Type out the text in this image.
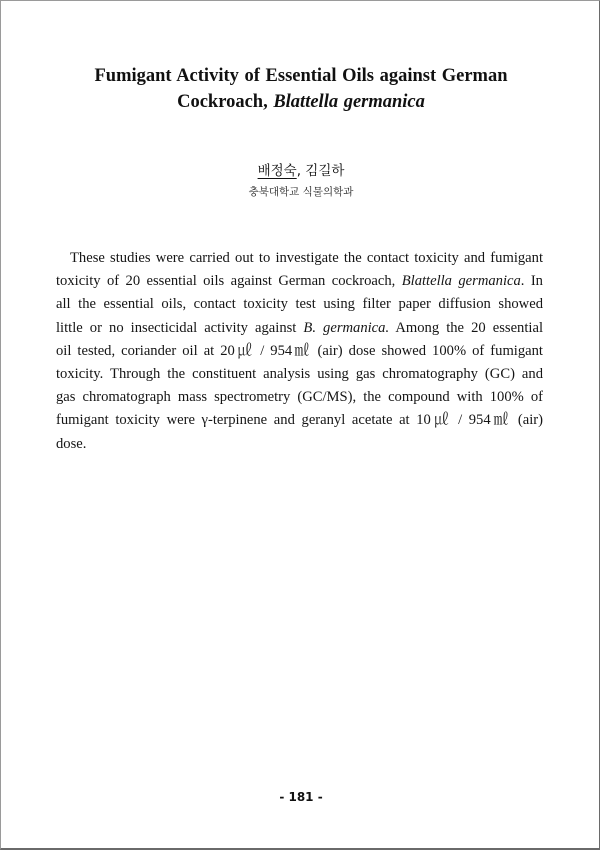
Fumigant Activity of Essential Oils against German
Cockroach, Blattella germanica
배정숙, 김길하
충북대학교 식물의학과
These studies were carried out to investigate the contact toxicity and fumigant
toxicity of 20 essential oils against German cockroach, Blattella germanica. In
all the essential oils, contact toxicity test using filter paper diffusion showed
little or no insecticidal activity against B. germanica. Among the 20 essential
oil tested, coriander oil at 20㎕ / 954㎖ (air) dose showed 100% of fumigant
toxicity. Through the constituent analysis using gas chromatography (GC) and
gas chromatograph mass spectrometry (GC/MS), the compound with 100% of
fumigant toxicity were γ-terpinene and geranyl acetate at 10㎕ / 954㎖ (air)
dose.
- 181 -
